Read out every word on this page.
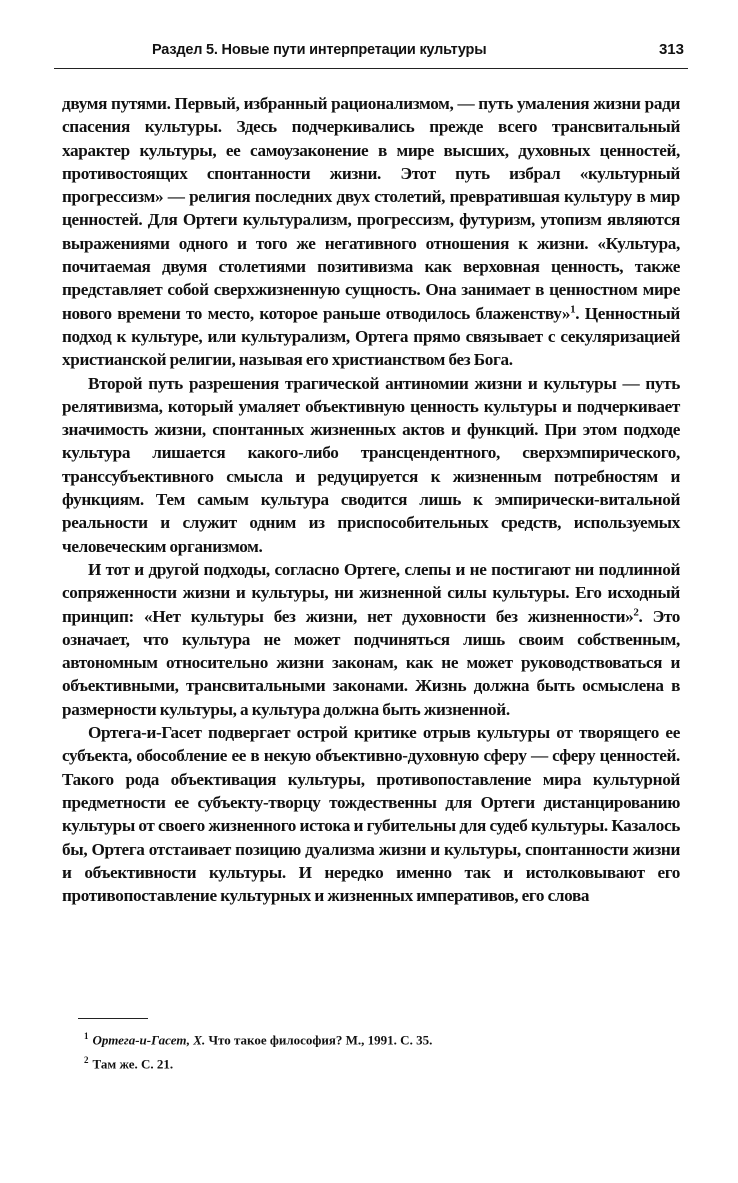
Раздел 5. Новые пути интерпретации культуры	313

двумя путями. Первый, избранный рационализмом, — путь умаления жизни ради спасения культуры. Здесь подчеркивались прежде всего трансвитальный характер культуры, ее самоузаконение в мире высших, духовных ценностей, противостоящих спонтанности жизни. Этот путь избрал «культурный прогрессизм» — религия последних двух столетий, превратившая культуру в мир ценностей. Для Ортеги культурализм, прогрессизм, футуризм, утопизм являются выражениями одного и того же негативного отношения к жизни. «Культура, почитаемая двумя столетиями позитивизма как верховная ценность, также представляет собой сверхжизненную сущность. Она занимает в ценностном мире нового времени то место, которое раньше отводилось блаженству»$^1$. Ценностный подход к культуре, или культурализм, Ортега прямо связывает с секуляризацией христианской религии, называя его христианством без Бога.

Второй путь разрешения трагической антиномии жизни и культуры — путь релятивизма, который умаляет объективную ценность культуры и подчеркивает значимость жизни, спонтанных жизненных актов и функций. При этом подходе культура лишается какого-либо трансцендентного, сверхэмпирического, транссубъективного смысла и редуцируется к жизненным потребностям и функциям. Тем самым культура сводится лишь к эмпирически-витальной реальности и служит одним из приспособительных средств, используемых человеческим организмом.

И тот и другой подходы, согласно Ортеге, слепы и не постигают ни подлинной сопряженности жизни и культуры, ни жизненной силы культуры. Его исходный принцип: «Нет культуры без жизни, нет духовности без жизненности»$^2$. Это означает, что культура не может подчиняться лишь своим собственным, автономным относительно жизни законам, как не может руководствоваться и объективными, трансвитальными законами. Жизнь должна быть осмыслена в размерности культуры, а культура должна быть жизненной.

Ортега-и-Гасет подвергает острой критике отрыв культуры от творящего ее субъекта, обособление ее в некую объективно-духовную сферу — сферу ценностей. Такого рода объективация культуры, противопоставление мира культурной предметности ее субъекту-творцу тождественны для Ортеги дистанцированию культуры от своего жизненного истока и губительны для судеб культуры. Казалось бы, Ортега отстаивает позицию дуализма жизни и культуры, спонтанности жизни и объективности культуры. И нередко именно так и истолковывают его противопоставление культурных и жизненных императивов, его слова

$^1$ Ортега-и-Гасет, Х. Что такое философия? М., 1991. С. 35.
$^2$ Там же. С. 21.
